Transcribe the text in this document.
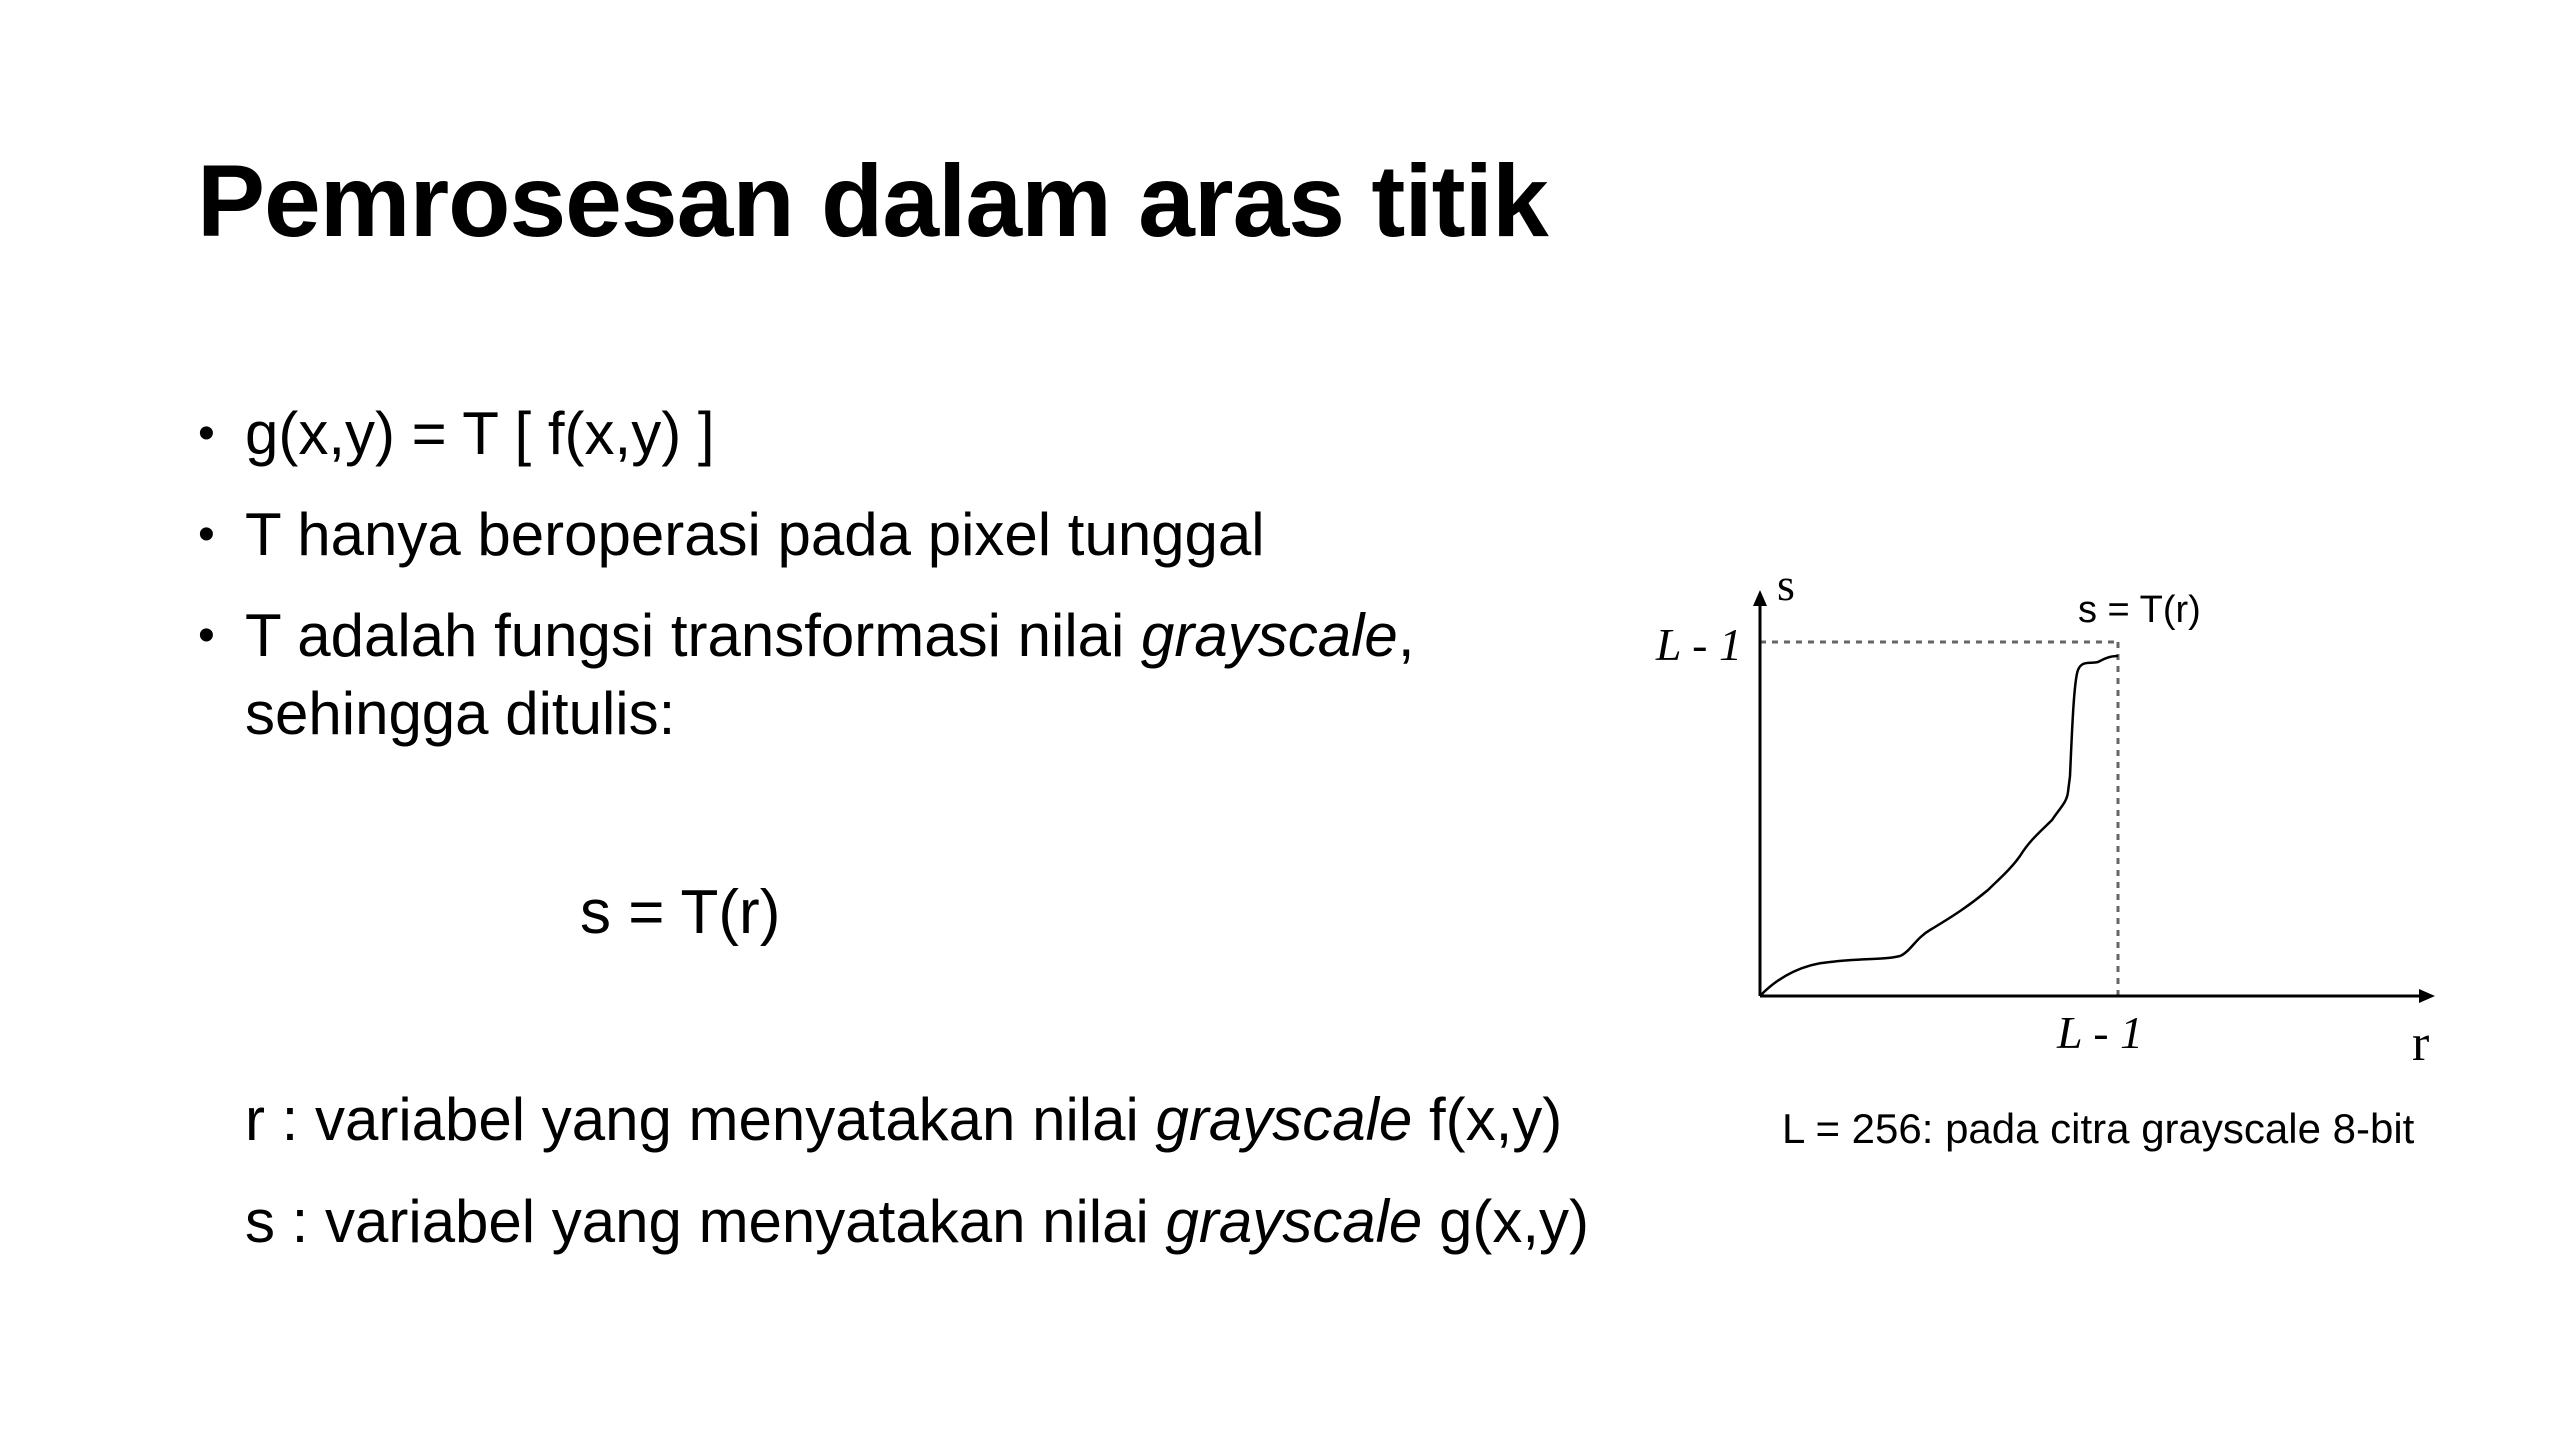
Pemrosesan dalam aras titik

• g(x,y) = T [ f(x,y) ]

• T hanya beroperasi pada pixel tunggal

• T adalah fungsi transformasi nilai grayscale,
sehingga ditulis:

s = T(r)
r : variabel yang menyatakan nilai grayscale f(x,y)
s : variabel yang menyatakan nilai grayscale g(x,y)
s
L - 1
s = T(r)
L - 1	r
L = 256: pada citra grayscale 8-bit
